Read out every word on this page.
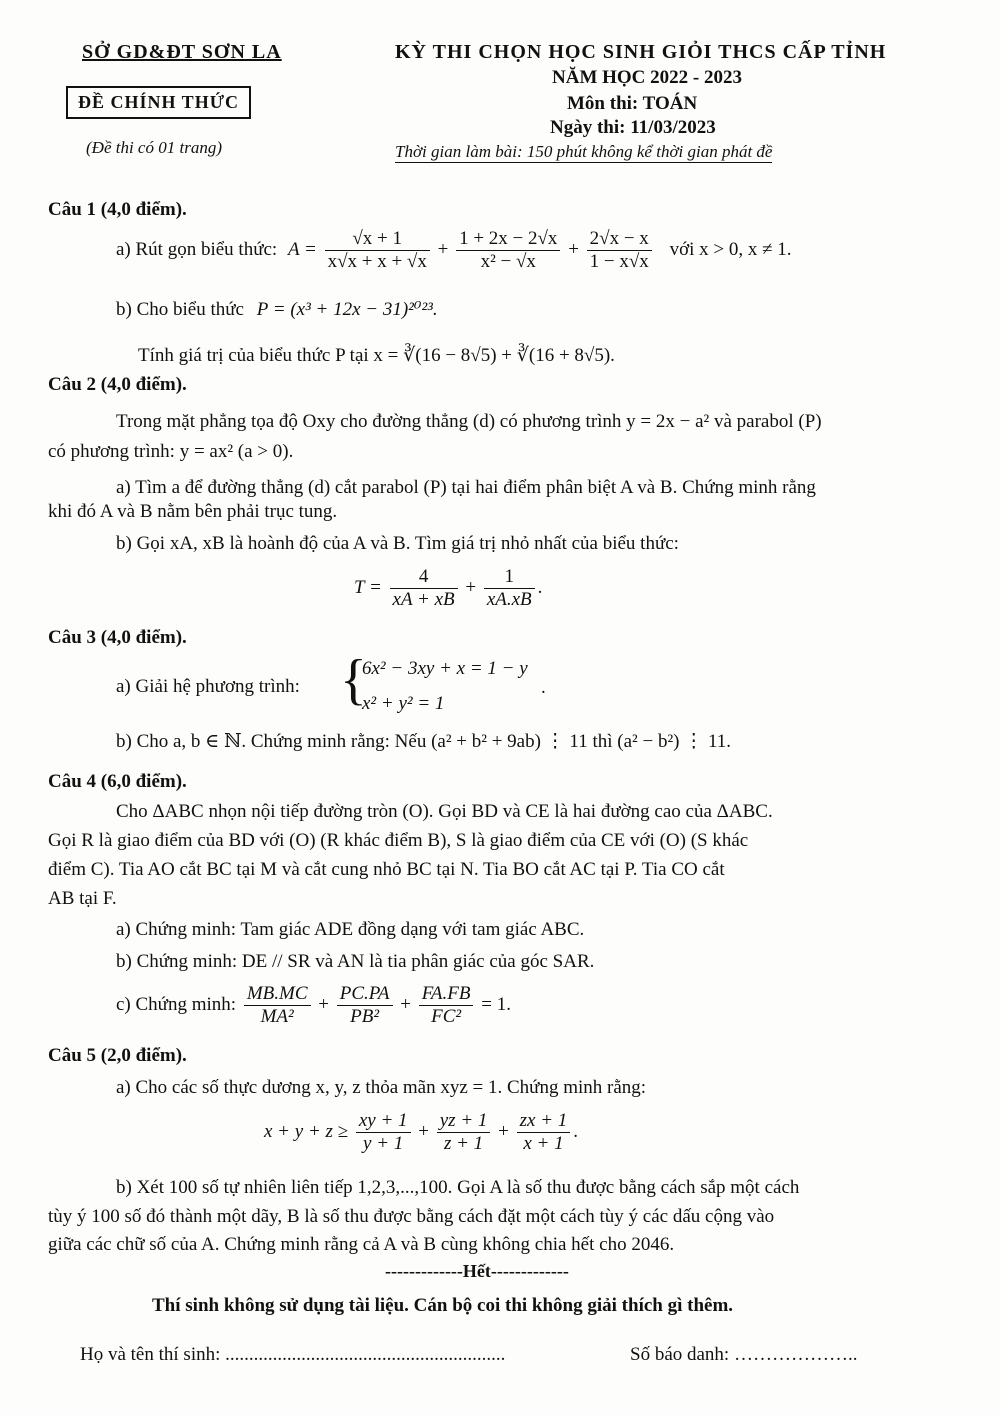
SỞ GD&ĐT SƠN LA
ĐỀ CHÍNH THỨC
(Đề thi có 01 trang)
KỲ THI CHỌN HỌC SINH GIỎI THCS CẤP TỈNH
NĂM HỌC 2022 - 2023
Môn thi: TOÁN
Ngày thi: 11/03/2023
Thời gian làm bài: 150 phút không kể thời gian phát đề
Câu 1 (4,0 điểm).
a) Rút gọn biểu thức: $A = \frac{√x + 1}{x√x + x + √x} + \frac{1 + 2x - 2√x}{\text{x² − √x}} + \frac{2√x - x}{1 - x√x}$ với x > 0, x ≠ 1.
b) Cho biểu thức P = (x³ + 12x − 31)²⁰²³.
Tính giá trị của biểu thức P tại x = ∛(16 − 8√5) + ∛(16 + 8√5).
Câu 2 (4,0 điểm).
Trong mặt phẳng tọa độ Oxy cho đường thẳng (d) có phương trình y = 2x − a² và parabol (P)
có phương trình: y = ax² (a > 0).
a) Tìm a để đường thẳng (d) cắt parabol (P) tại hai điểm phân biệt A và B. Chứng minh rằng
khi đó A và B nằm bên phải trục tung.
b) Gọi xA, xB là hoành độ của A và B. Tìm giá trị nhỏ nhất của biểu thức:
$T = \frac{4}{xA + xB} + \frac{1}{xA.xB}$ .
Câu 3 (4,0 điểm).
a) Giải hệ phương trình: {
6x² − 3xy + x = 1 − y
x² + y² = 1
.
b) Cho a, b ∈ ℕ. Chứng minh rằng: Nếu (a² + b² + 9ab) ⋮ 11 thì (a² − b²) ⋮ 11.
Câu 4 (6,0 điểm).
Cho ΔABC nhọn nội tiếp đường tròn (O). Gọi BD và CE là hai đường cao của ΔABC.
Gọi R là giao điểm của BD với (O) (R khác điểm B), S là giao điểm của CE với (O) (S khác
điểm C). Tia AO cắt BC tại M và cắt cung nhỏ BC tại N. Tia BO cắt AC tại P. Tia CO cắt
AB tại F.
a) Chứng minh: Tam giác ADE đồng dạng với tam giác ABC.
b) Chứng minh: DE // SR và AN là tia phân giác của góc SAR.
c) Chứng minh: $\frac{MB.MC}{\text{MA²}} + \frac{PC.PA}{\text{PB²}} + \frac{FA.FB}{\text{FC²}} = 1$.
Câu 5 (2,0 điểm).
a) Cho các số thực dương x, y, z thỏa mãn xyz = 1. Chứng minh rằng:
$x + y + z \ge \frac{xy + 1}{y + 1} + \frac{yz + 1}{z + 1} + \frac{zx + 1}{x + 1}$ .
b) Xét 100 số tự nhiên liên tiếp 1,2,3,...,100. Gọi A là số thu được bằng cách sắp một cách
tùy ý 100 số đó thành một dãy, B là số thu được bằng cách đặt một cách tùy ý các dấu cộng vào
giữa các chữ số của A. Chứng minh rằng cả A và B cùng không chia hết cho 2046.
-------------Hết-------------
Thí sinh không sử dụng tài liệu. Cán bộ coi thi không giải thích gì thêm.
Họ và tên thí sinh: ...........................................................	Số báo danh: ………………..
